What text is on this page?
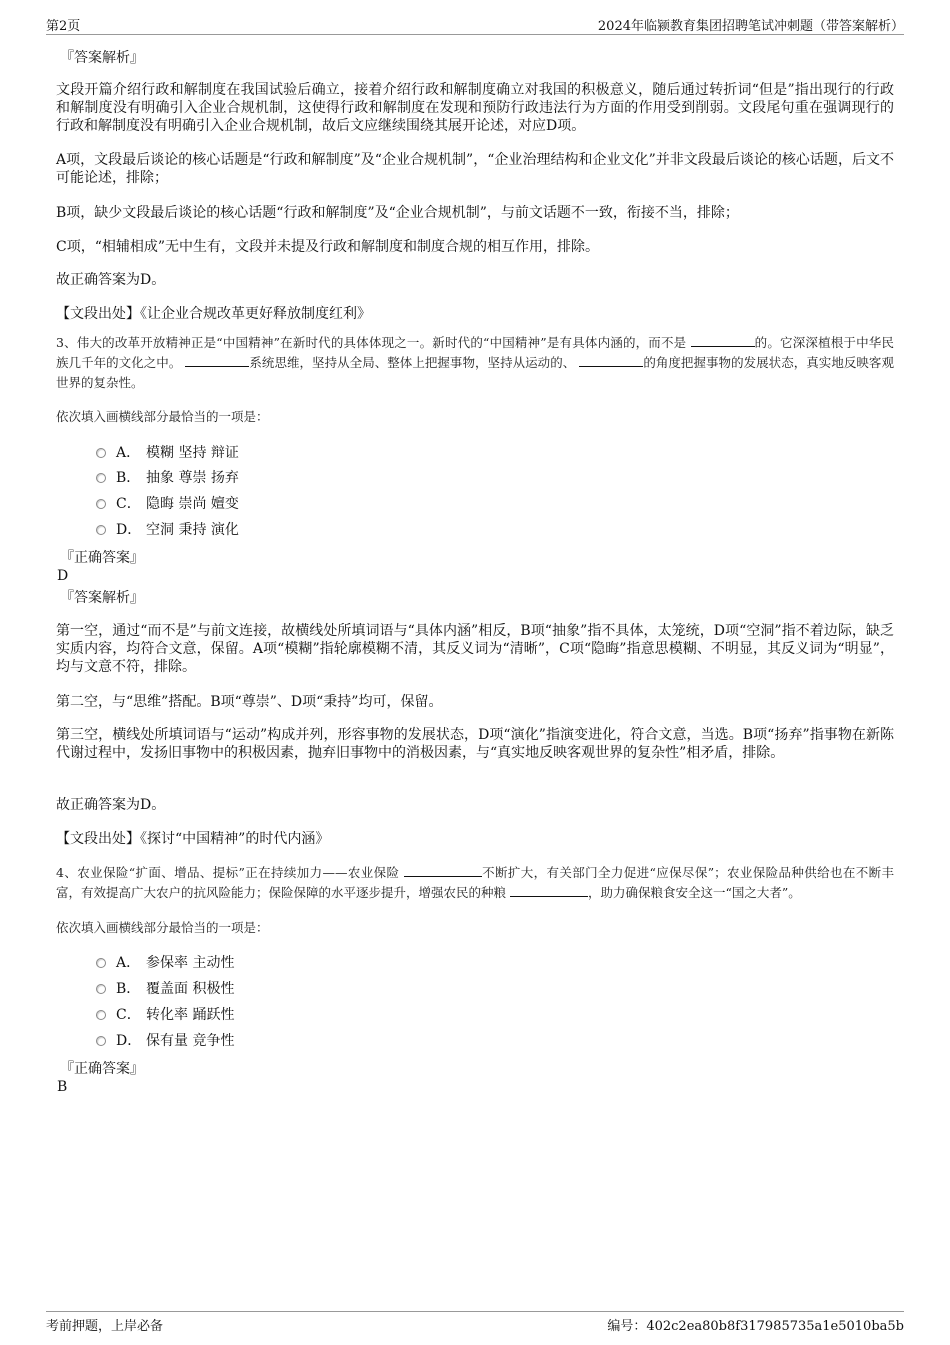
第2页	2024年临颍教育集团招聘笔试冲刺题（带答案解析）
『答案解析』
文段开篇介绍行政和解制度在我国试验后确立，接着介绍行政和解制度确立对我国的积极意义，随后通过转折词“但是”指出现行的行政和解制度没有明确引入企业合规机制，这使得行政和解制度在发现和预防行政违法行为方面的作用受到削弱。文段尾句重在强调现行的行政和解制度没有明确引入企业合规机制，故后文应继续围绕其展开论述，对应D项。
A项，文段最后谈论的核心话题是“行政和解制度”及“企业合规机制”，“企业治理结构和企业文化”并非文段最后谈论的核心话题，后文不可能论述，排除；
B项，缺少文段最后谈论的核心话题“行政和解制度”及“企业合规机制”，与前文话题不一致，衔接不当，排除；
C项，“相辅相成”无中生有，文段并未提及行政和解制度和制度合规的相互作用，排除。
故正确答案为D。
【文段出处】《让企业合规改革更好释放制度红利》
3、伟大的改革开放精神正是“中国精神”在新时代的具体体现之一。新时代的“中国精神”是有具体内涵的，而不是	的。它深深植根于中华民族几千年的文化之中。	系统思维，坚持从全局、整体上把握事物，坚持从运动的、	的角度把握事物的发展状态，真实地反映客观世界的复杂性。
依次填入画横线部分最恰当的一项是：
A． 模糊 坚持 辩证
B． 抽象 尊崇 扬弃
C． 隐晦 崇尚 嬗变
D． 空洞 秉持 演化
『正确答案』
D
『答案解析』
第一空，通过“而不是”与前文连接，故横线处所填词语与“具体内涵”相反，B项“抽象”指不具体，太笼统，D项“空洞”指不着边际，缺乏实质内容，均符合文意，保留。A项“模糊”指轮廓模糊不清，其反义词为“清晰”，C项“隐晦”指意思模糊、不明显，其反义词为“明显”，均与文意不符，排除。
第二空，与“思维”搭配。B项“尊崇”、D项“秉持”均可，保留。
第三空，横线处所填词语与“运动”构成并列，形容事物的发展状态，D项“演化”指演变进化，符合文意，当选。B项“扬弃”指事物在新陈代谢过程中，发扬旧事物中的积极因素，抛弃旧事物中的消极因素，与“真实地反映客观世界的复杂性”相矛盾，排除。
故正确答案为D。
【文段出处】《探讨“中国精神”的时代内涵》
4、农业保险“扩面、增品、提标”正在持续加力——农业保险	不断扩大，有关部门全力促进“应保尽保”；农业保险品种供给也在不断丰富，有效提高广大农户的抗风险能力；保险保障的水平逐步提升，增强农民的种粮	，助力确保粮食安全这一“国之大者”。
依次填入画横线部分最恰当的一项是：
A． 参保率 主动性
B． 覆盖面 积极性
C． 转化率 踊跃性
D． 保有量 竞争性
『正确答案』
B
考前押题，上岸必备	编号：402c2ea80b8f317985735a1e5010ba5b
